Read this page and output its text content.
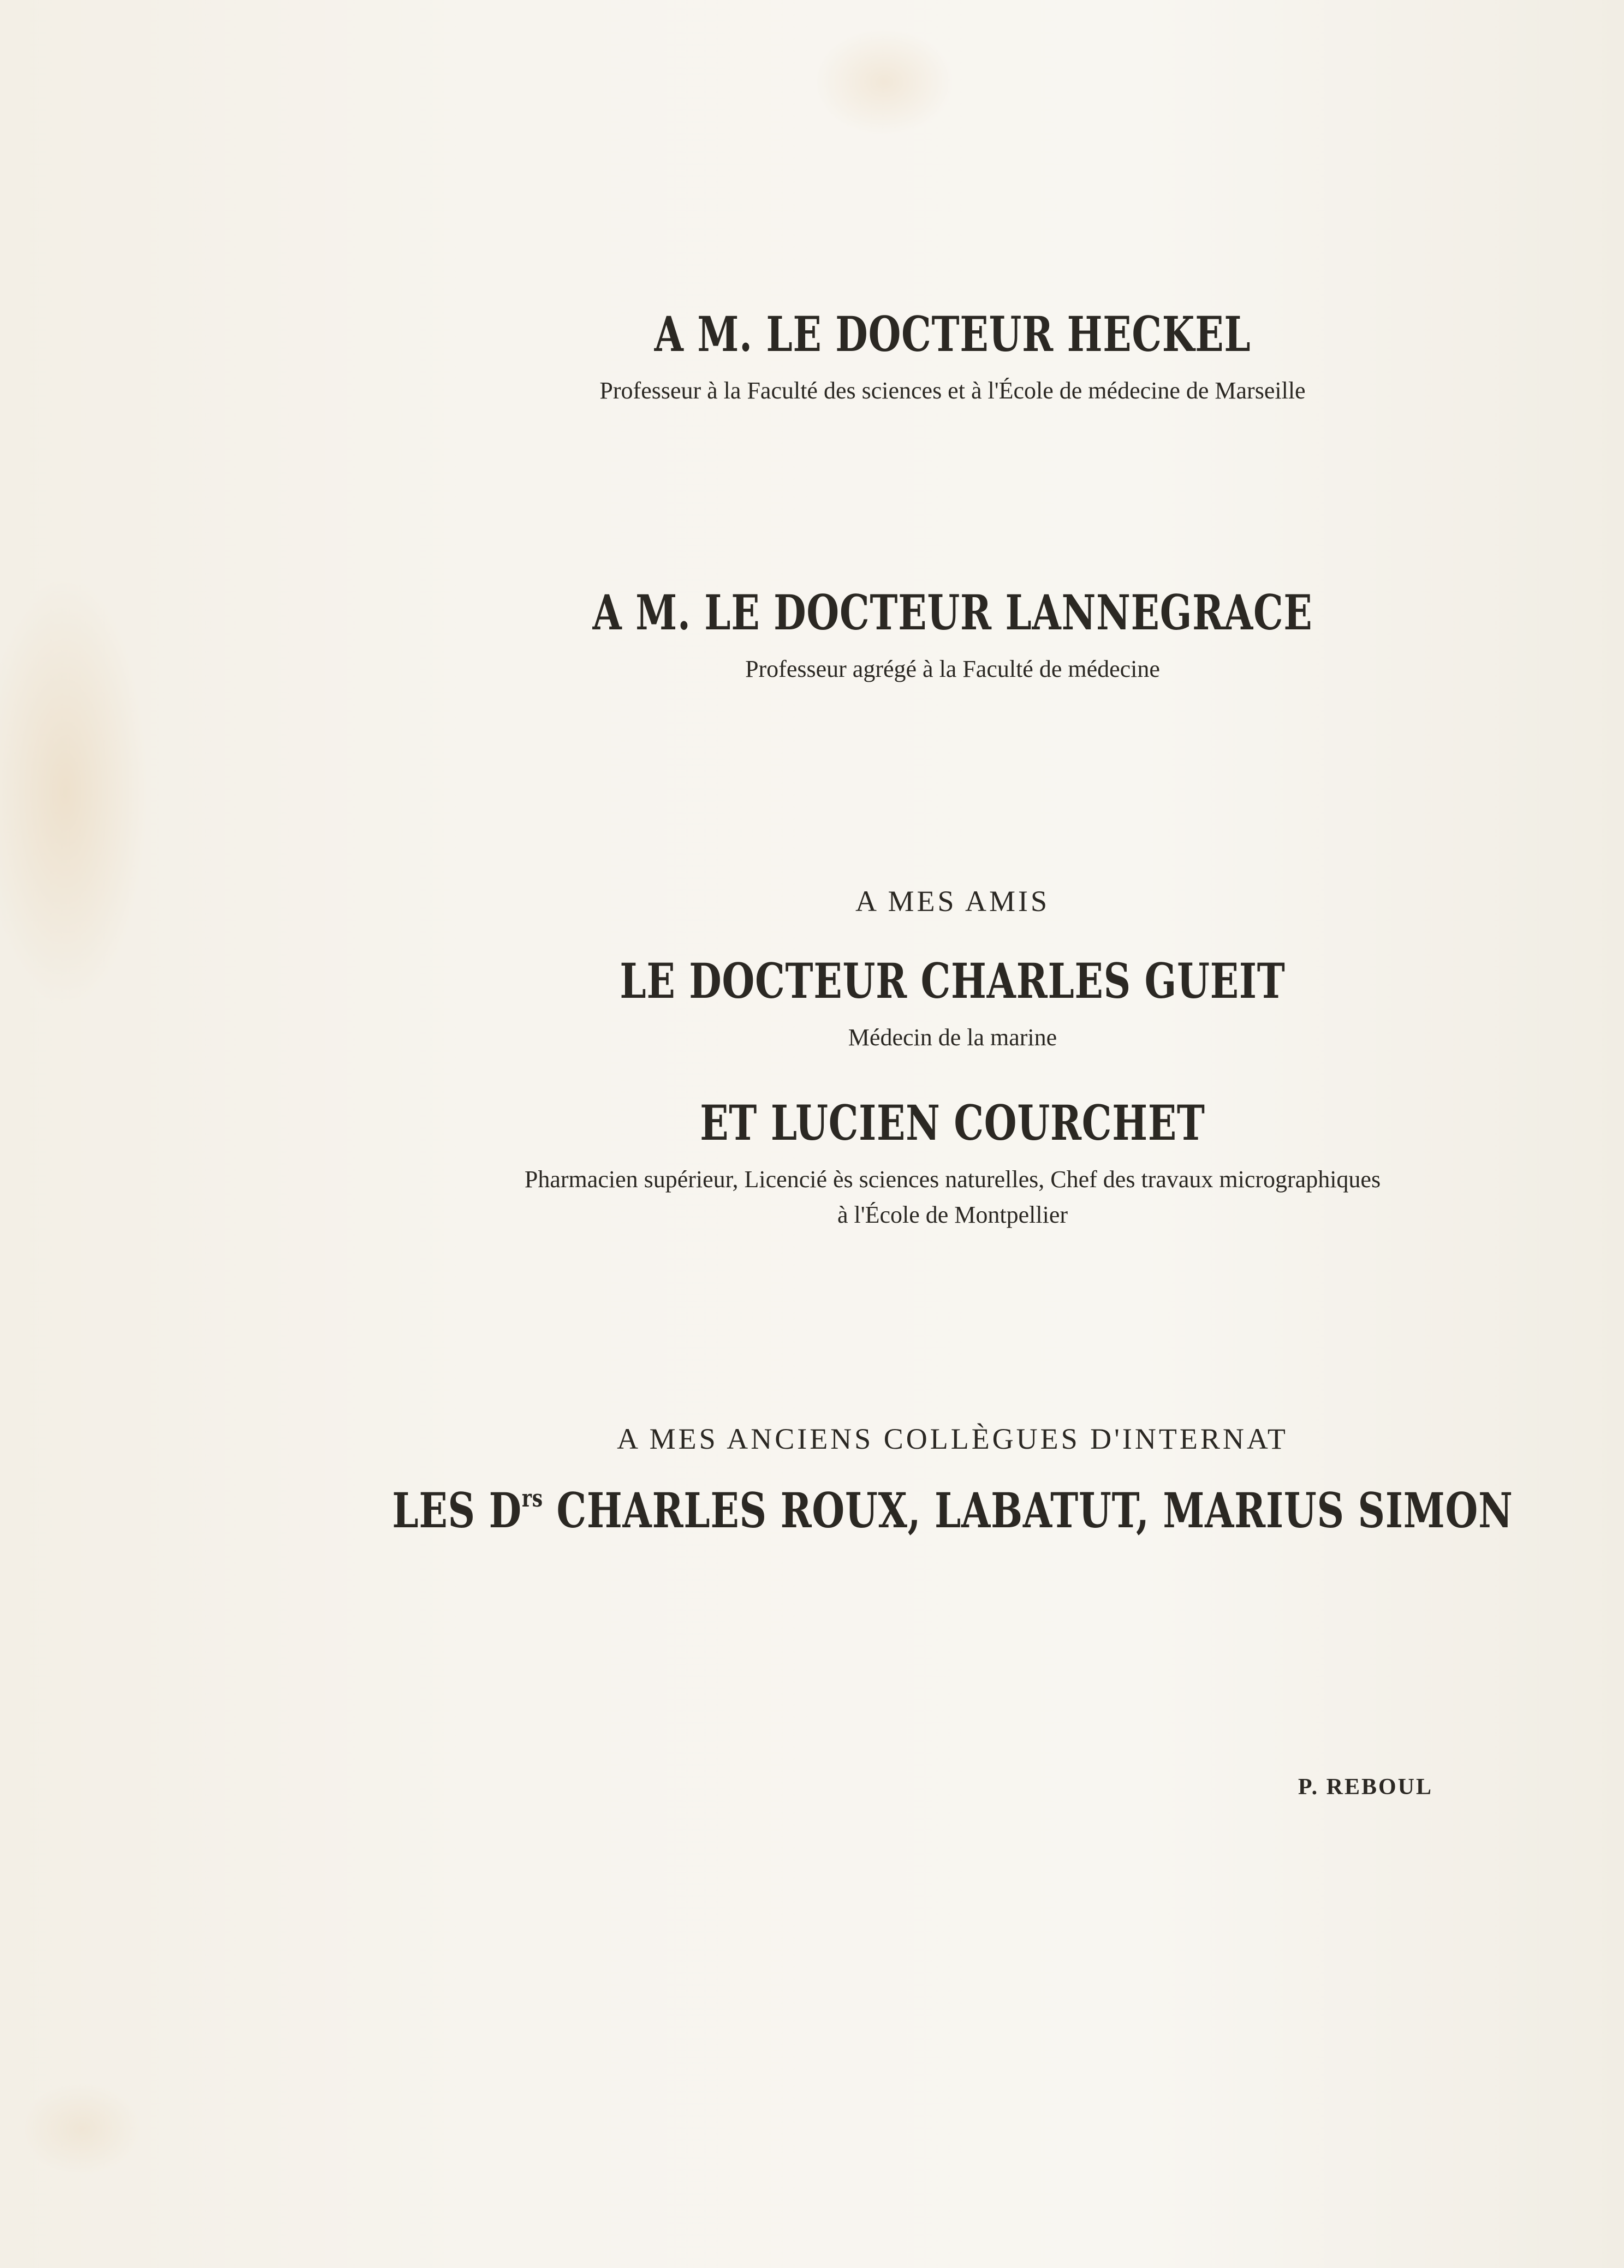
A M. LE DOCTEUR HECKEL
Professeur à la Faculté des sciences et à l'École de médecine de Marseille
A M. LE DOCTEUR LANNEGRACE
Professeur agrégé à la Faculté de médecine
A MES AMIS
LE DOCTEUR CHARLES GUEIT
Médecin de la marine
ET LUCIEN COURCHET
Pharmacien supérieur, Licencié ès sciences naturelles, Chef des travaux micrographiques
à l'École de Montpellier
A MES ANCIENS COLLÈGUES D'INTERNAT
LES $D^{rs}$ CHARLES ROUX, LABATUT, MARIUS SIMON
P. REBOUL
